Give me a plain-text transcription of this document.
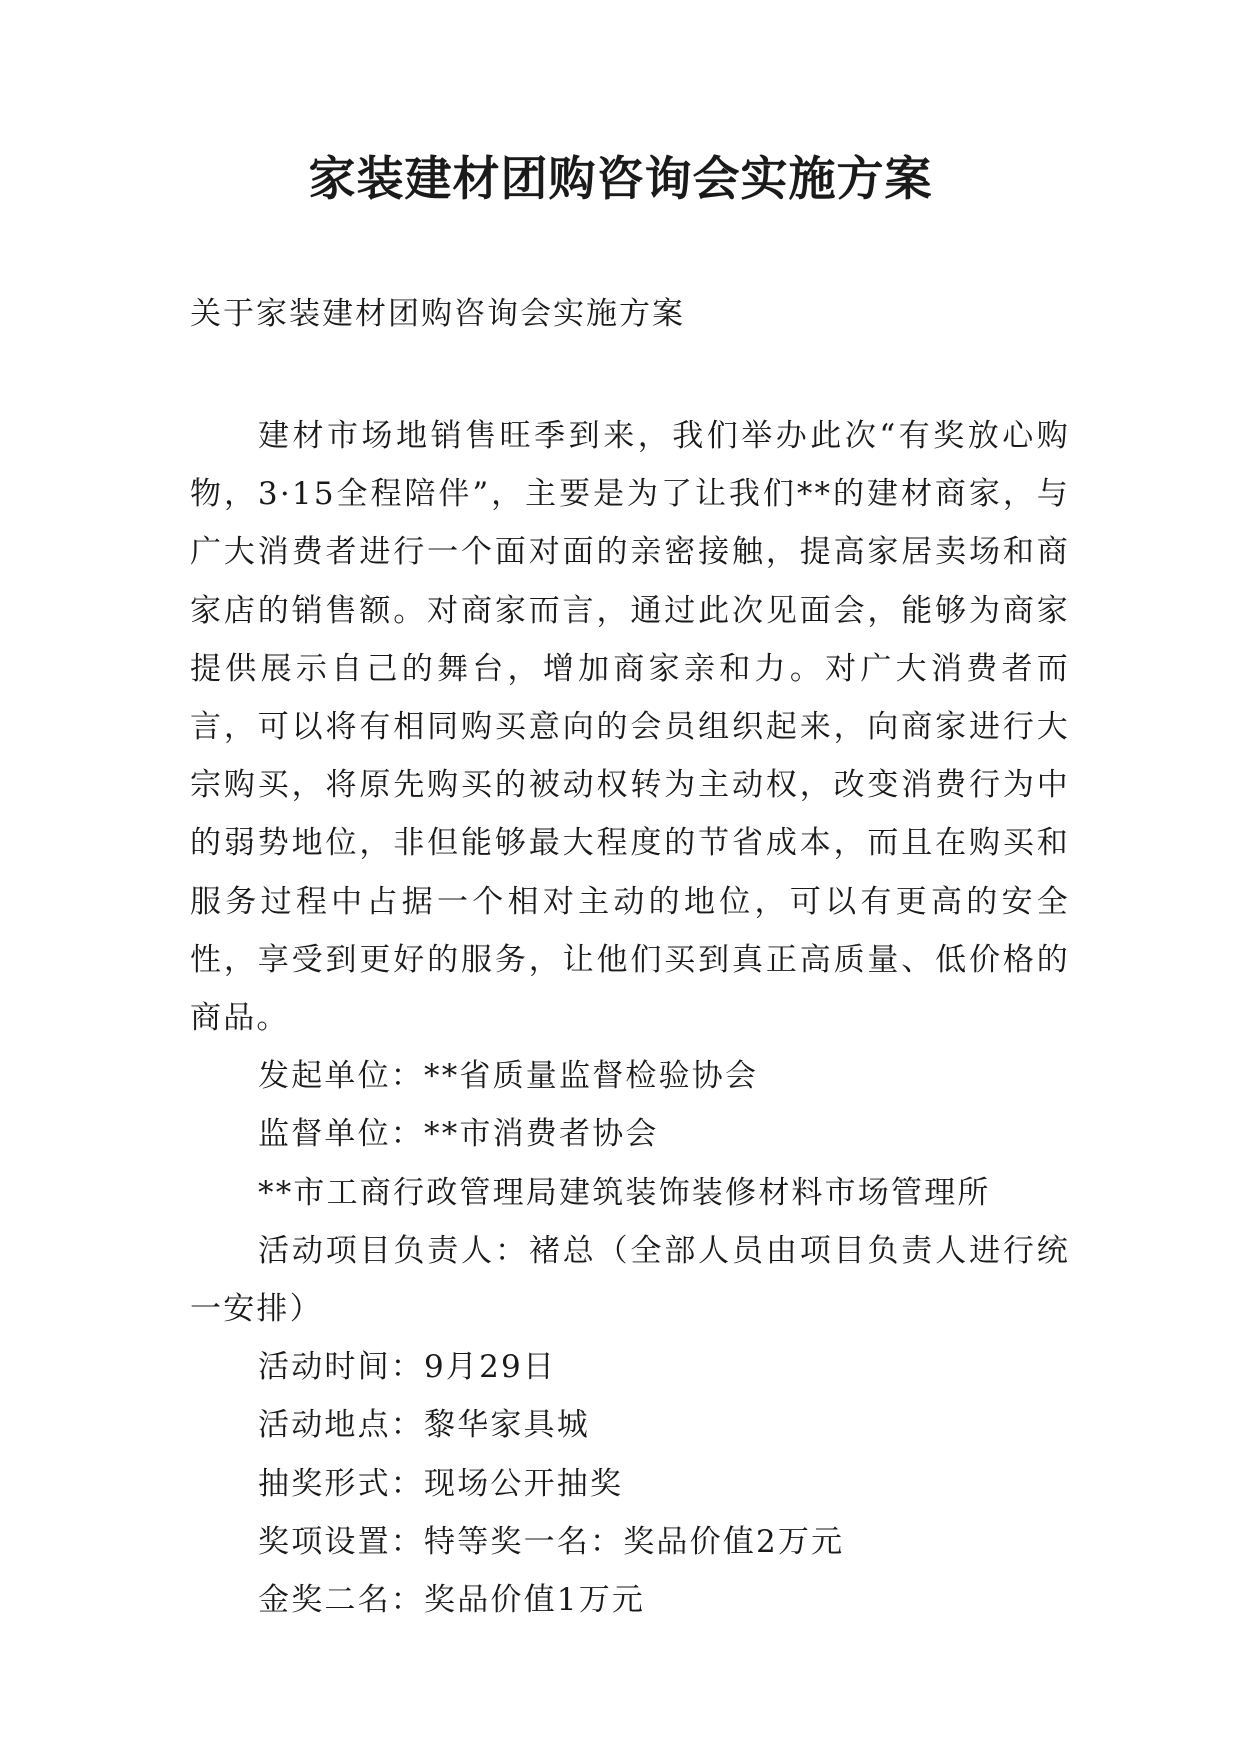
家装建材团购咨询会实施方案

关于家装建材团购咨询会实施方案

建材市场地销售旺季到来，我们举办此次“有奖放心购物，3·15全程陪伴”，主要是为了让我们**的建材商家，与广大消费者进行一个面对面的亲密接触，提高家居卖场和商家店的销售额。对商家而言，通过此次见面会，能够为商家提供展示自己的舞台，增加商家亲和力。对广大消费者而言，可以将有相同购买意向的会员组织起来，向商家进行大宗购买，将原先购买的被动权转为主动权，改变消费行为中的弱势地位，非但能够最大程度的节省成本，而且在购买和服务过程中占据一个相对主动的地位，可以有更高的安全性，享受到更好的服务，让他们买到真正高质量、低价格的商品。

发起单位：**省质量监督检验协会

监督单位：**市消费者协会

**市工商行政管理局建筑装饰装修材料市场管理所

活动项目负责人：褚总（全部人员由项目负责人进行统一安排）

活动时间：9月29日

活动地点：黎华家具城

抽奖形式：现场公开抽奖

奖项设置：特等奖一名：奖品价值2万元

金奖二名：奖品价值1万元
